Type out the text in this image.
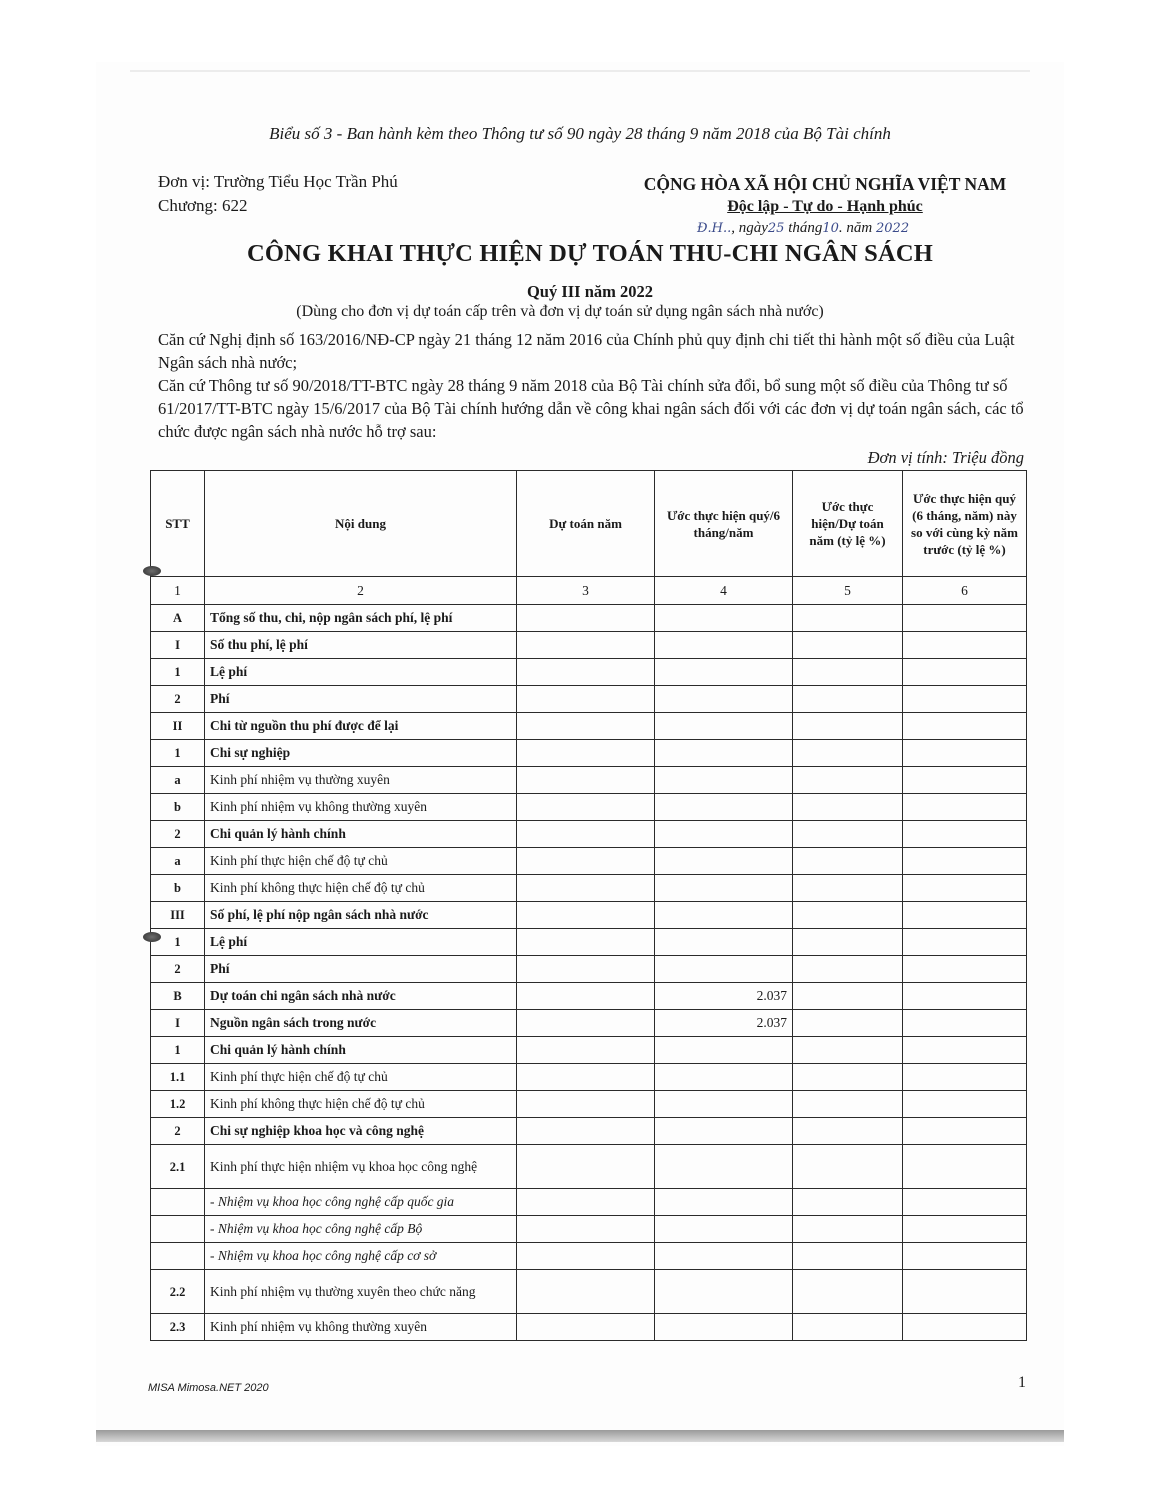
Biểu số 3 - Ban hành kèm theo Thông tư số 90 ngày 28 tháng 9 năm 2018 của Bộ Tài chính
Đơn vị: Trường Tiểu Học Trần Phú
Chương: 622
CỘNG HÒA XÃ HỘI CHỦ NGHĨA VIỆT NAM
Độc lập - Tự do - Hạnh phúc
Đ.H.., ngày25 tháng10. năm 2022
CÔNG KHAI THỰC HIỆN DỰ TOÁN THU-CHI NGÂN SÁCH
Quý III năm 2022
(Dùng cho đơn vị dự toán cấp trên và đơn vị dự toán sử dụng ngân sách nhà nước)
Căn cứ Nghị định số 163/2016/NĐ-CP ngày 21 tháng 12 năm 2016 của Chính phủ quy định chi tiết thi hành một số điều của Luật Ngân sách nhà nước;
Căn cứ Thông tư số 90/2018/TT-BTC ngày 28 tháng 9 năm 2018 của Bộ Tài chính sửa đổi, bổ sung một số điều của Thông tư số 61/2017/TT-BTC ngày 15/6/2017 của Bộ Tài chính hướng dẫn về công khai ngân sách đối với các đơn vị dự toán ngân sách, các tổ chức được ngân sách nhà nước hỗ trợ sau:
Đơn vị tính: Triệu đồng
STT	Nội dung	Dự toán năm	Ước thực hiện quý/6 tháng/năm	Ước thực hiện/Dự toán năm (tỷ lệ %)	Ước thực hiện quý (6 tháng, năm) này so với cùng kỳ năm trước (tỷ lệ %)
1	2	3	4	5	6
A	Tổng số thu, chi, nộp ngân sách phí, lệ phí				
I	Số thu phí, lệ phí				
1	Lệ phí				
2	Phí				
II	Chi từ nguồn thu phí được để lại				
1	Chi sự nghiệp				
a	Kinh phí nhiệm vụ thường xuyên				
b	Kinh phí nhiệm vụ không thường xuyên				
2	Chi quản lý hành chính				
a	Kinh phí thực hiện chế độ tự chủ				
b	Kinh phí không thực hiện chế độ tự chủ				
III	Số phí, lệ phí nộp ngân sách nhà nước				
1	Lệ phí				
2	Phí				
B	Dự toán chi ngân sách nhà nước		2.037		
I	Nguồn ngân sách trong nước		2.037		
1	Chi quản lý hành chính				
1.1	Kinh phí thực hiện chế độ tự chủ				
1.2	Kinh phí không thực hiện chế độ tự chủ				
2	Chi sự nghiệp khoa học và công nghệ				
2.1	Kinh phí thực hiện nhiệm vụ khoa học công nghệ				
	- Nhiệm vụ khoa học công nghệ cấp quốc gia				
	- Nhiệm vụ khoa học công nghệ cấp Bộ				
	- Nhiệm vụ khoa học công nghệ cấp cơ sở				
2.2	Kinh phí nhiệm vụ thường xuyên theo chức năng				
2.3	Kinh phí nhiệm vụ không thường xuyên				
MISA Mimosa.NET 2020	1
